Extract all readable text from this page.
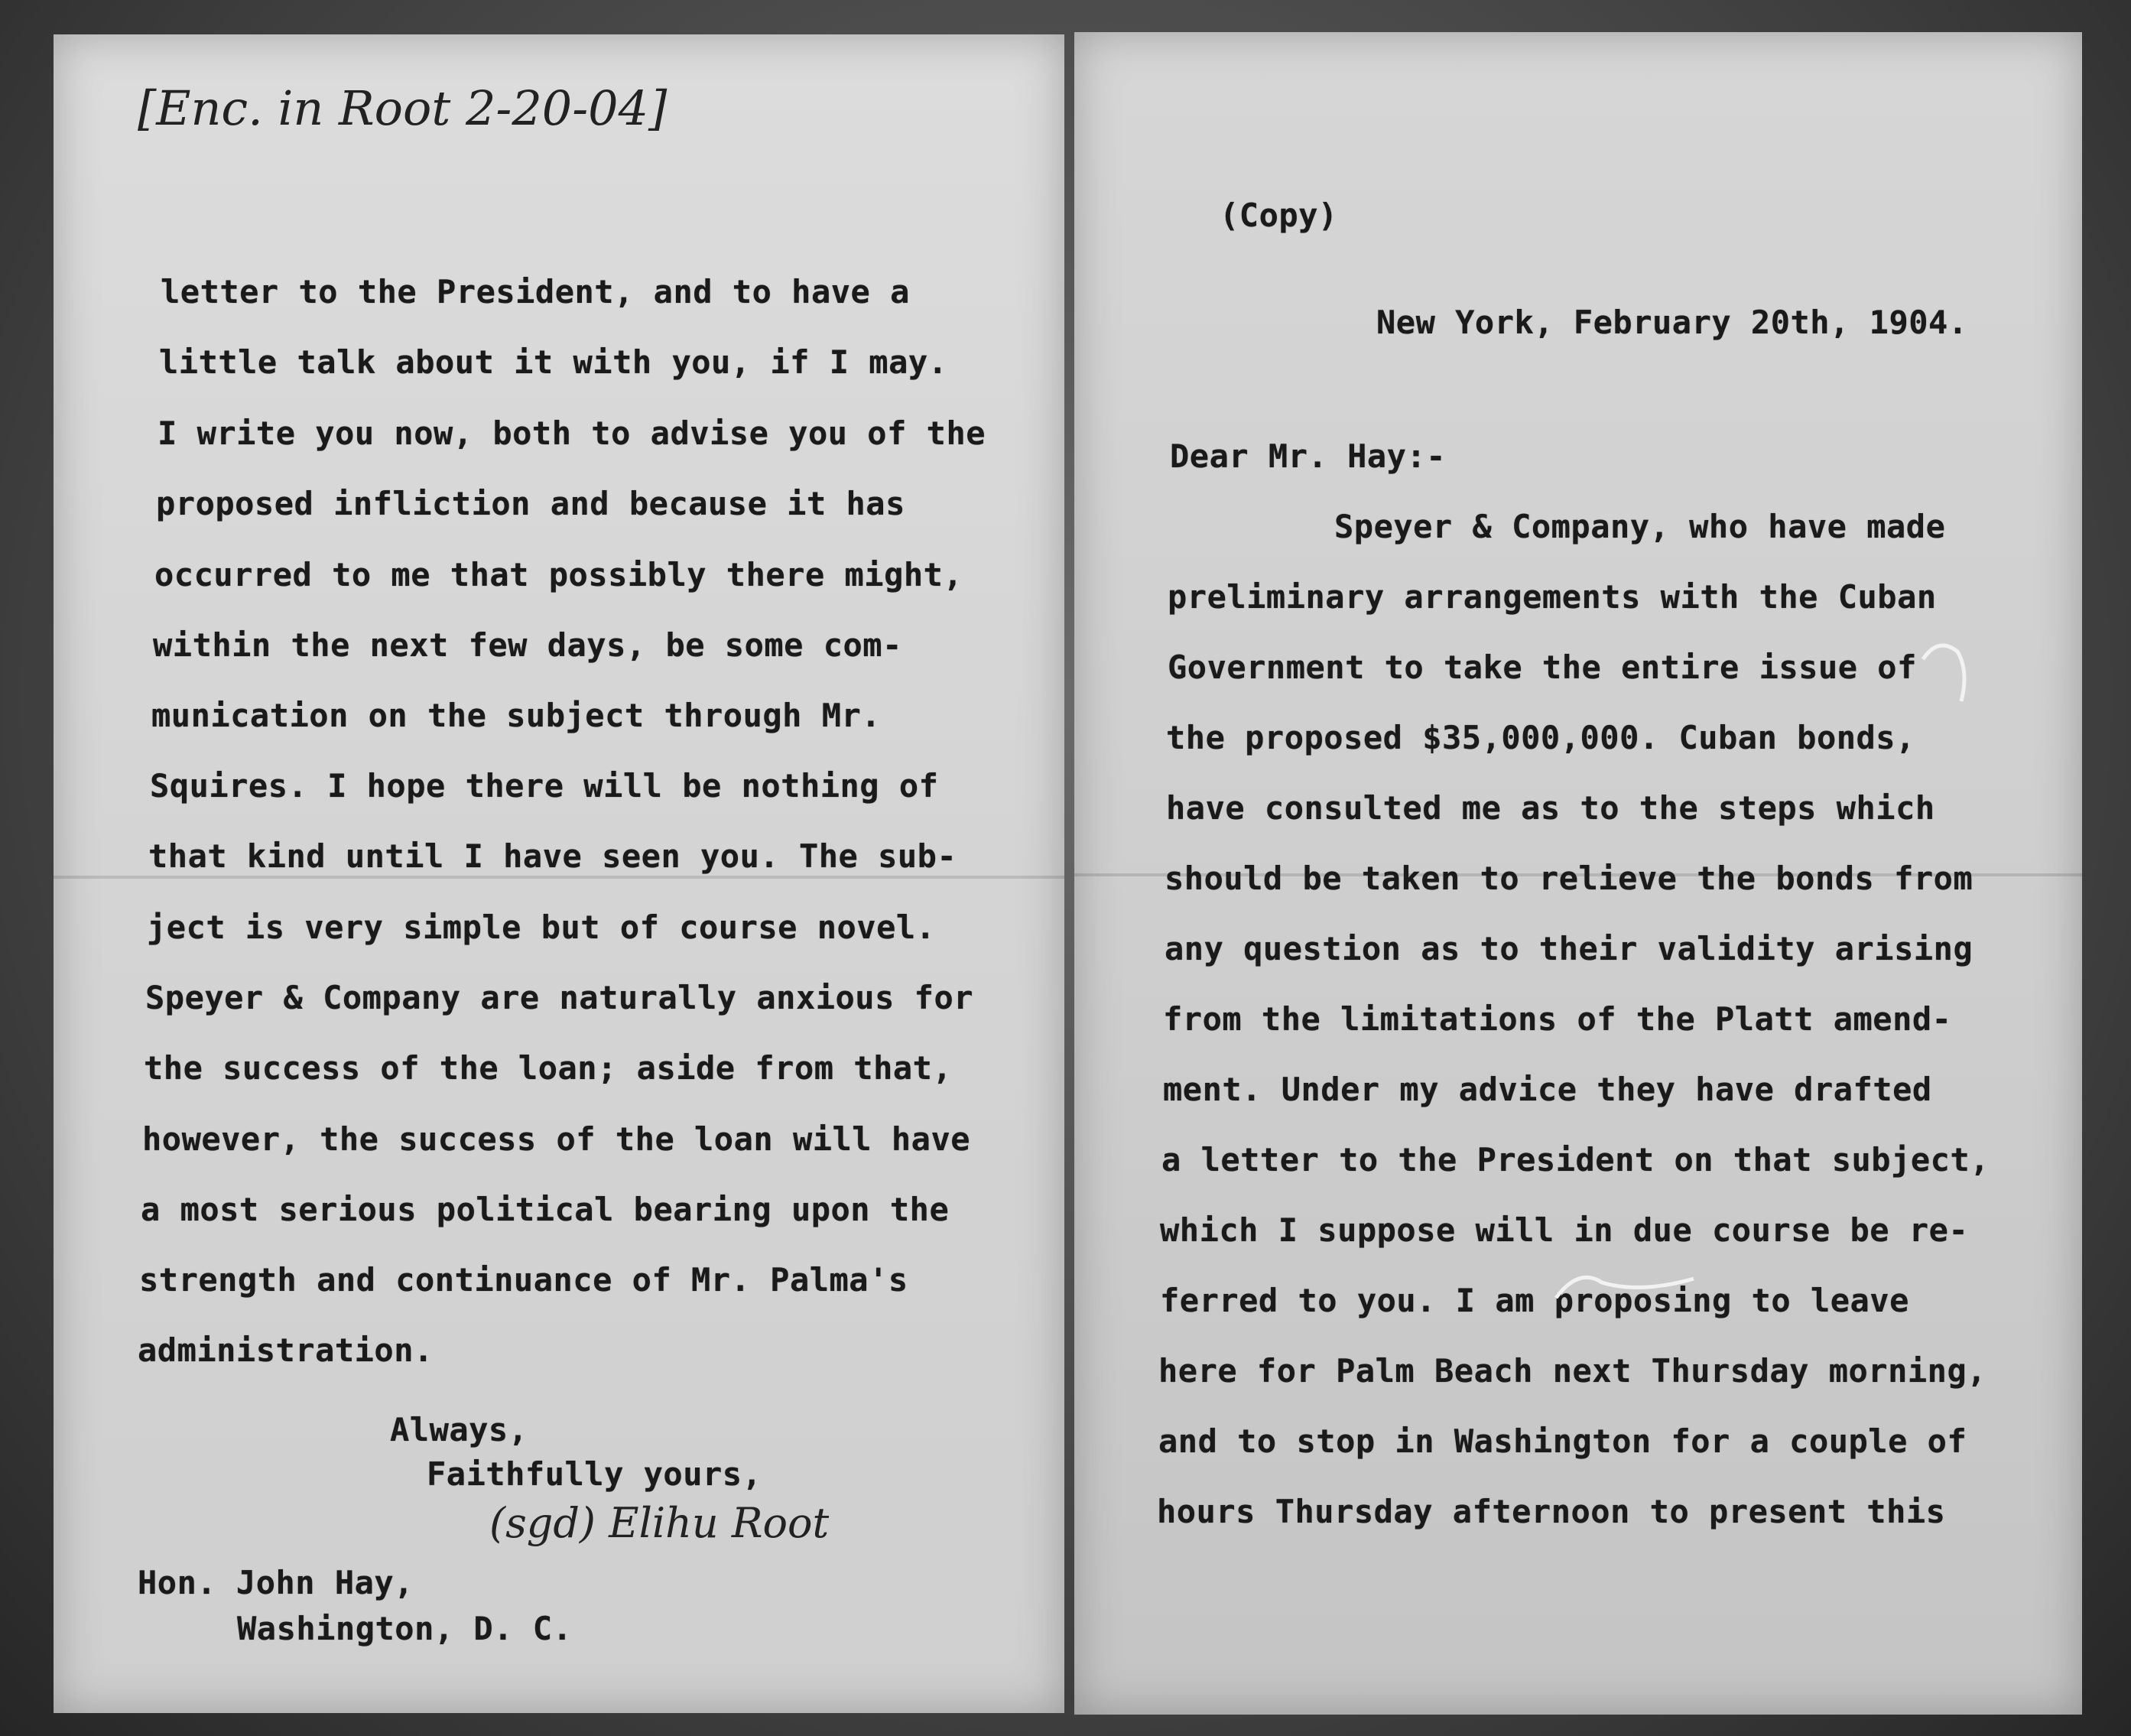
[Enc. in Root 2-20-04]

letter to the President, and to have a

little talk about it with you, if I may.

I write you now, both to advise you of the

proposed infliction and because it has

occurred to me that possibly there might,

within the next few days, be some com-

munication on the subject through Mr.

Squires. I hope there will be nothing of

that kind until I have seen you. The sub-

ject is very simple but of course novel.

Speyer & Company are naturally anxious for

the success of the loan; aside from that,

however, the success of the loan will have

a most serious political bearing upon the

strength and continuance of Mr. Palma's

administration.

Always,

Faithfully yours,

(sgd) Elihu Root

Hon. John Hay,

Washington, D. C.

(Copy)

New York, February 20th, 1904.

Dear Mr. Hay:-

Speyer & Company, who have made

preliminary arrangements with the Cuban

Government to take the entire issue of

the proposed $35,000,000. Cuban bonds,

have consulted me as to the steps which

should be taken to relieve the bonds from

any question as to their validity arising

from the limitations of the Platt amend-

ment. Under my advice they have drafted

a letter to the President on that subject,

which I suppose will in due course be re-

ferred to you. I am proposing to leave

here for Palm Beach next Thursday morning,

and to stop in Washington for a couple of

hours Thursday afternoon to present this
